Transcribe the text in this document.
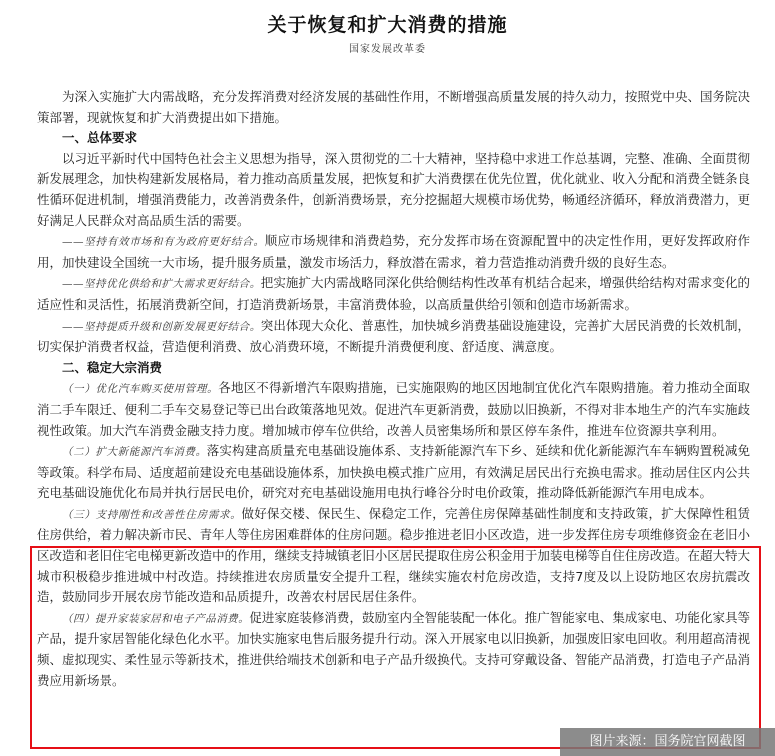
关于恢复和扩大消费的措施
国家发展改革委

为深入实施扩大内需战略，充分发挥消费对经济发展的基础性作用，不断增强高质量发展的持久动力，按照党中央、国务院决策部署，现就恢复和扩大消费提出如下措施。

一、总体要求

以习近平新时代中国特色社会主义思想为指导，深入贯彻党的二十大精神，坚持稳中求进工作总基调，完整、准确、全面贯彻新发展理念，加快构建新发展格局，着力推动高质量发展，把恢复和扩大消费摆在优先位置，优化就业、收入分配和消费全链条良性循环促进机制，增强消费能力，改善消费条件，创新消费场景，充分挖掘超大规模市场优势，畅通经济循环，释放消费潜力，更好满足人民群众对高品质生活的需要。

——坚持有效市场和有为政府更好结合。顺应市场规律和消费趋势，充分发挥市场在资源配置中的决定性作用，更好发挥政府作用，加快建设全国统一大市场，提升服务质量，激发市场活力，释放潜在需求，着力营造推动消费升级的良好生态。

——坚持优化供给和扩大需求更好结合。把实施扩大内需战略同深化供给侧结构性改革有机结合起来，增强供给结构对需求变化的适应性和灵活性，拓展消费新空间，打造消费新场景，丰富消费体验，以高质量供给引领和创造市场新需求。

——坚持提质升级和创新发展更好结合。突出体现大众化、普惠性，加快城乡消费基础设施建设，完善扩大居民消费的长效机制，切实保护消费者权益，营造便利消费、放心消费环境，不断提升消费便利度、舒适度、满意度。

二、稳定大宗消费

（一）优化汽车购买使用管理。各地区不得新增汽车限购措施，已实施限购的地区因地制宜优化汽车限购措施。着力推动全面取消二手车限迁、便利二手车交易登记等已出台政策落地见效。促进汽车更新消费，鼓励以旧换新，不得对非本地生产的汽车实施歧视性政策。加大汽车消费金融支持力度。增加城市停车位供给，改善人员密集场所和景区停车条件，推进车位资源共享利用。

（二）扩大新能源汽车消费。落实构建高质量充电基础设施体系、支持新能源汽车下乡、延续和优化新能源汽车车辆购置税减免等政策。科学布局、适度超前建设充电基础设施体系，加快换电模式推广应用，有效满足居民出行充换电需求。推动居住区内公共充电基础设施优化布局并执行居民电价，研究对充电基础设施用电执行峰谷分时电价政策，推动降低新能源汽车用电成本。

（三）支持刚性和改善性住房需求。做好保交楼、保民生、保稳定工作，完善住房保障基础性制度和支持政策，扩大保障性租赁住房供给，着力解决新市民、青年人等住房困难群体的住房问题。稳步推进老旧小区改造，进一步发挥住房专项维修资金在老旧小区改造和老旧住宅电梯更新改造中的作用，继续支持城镇老旧小区居民提取住房公积金用于加装电梯等自住住房改造。在超大特大城市积极稳步推进城中村改造。持续推进农房质量安全提升工程，继续实施农村危房改造，支持7度及以上设防地区农房抗震改造，鼓励同步开展农房节能改造和品质提升，改善农村居民居住条件。

（四）提升家装家居和电子产品消费。促进家庭装修消费，鼓励室内全智能装配一体化。推广智能家电、集成家电、功能化家具等产品，提升家居智能化绿色化水平。加快实施家电售后服务提升行动。深入开展家电以旧换新，加强废旧家电回收。利用超高清视频、虚拟现实、柔性显示等新技术，推进供给端技术创新和电子产品升级换代。支持可穿戴设备、智能产品消费，打造电子产品消费应用新场景。

图片来源：国务院官网截图
